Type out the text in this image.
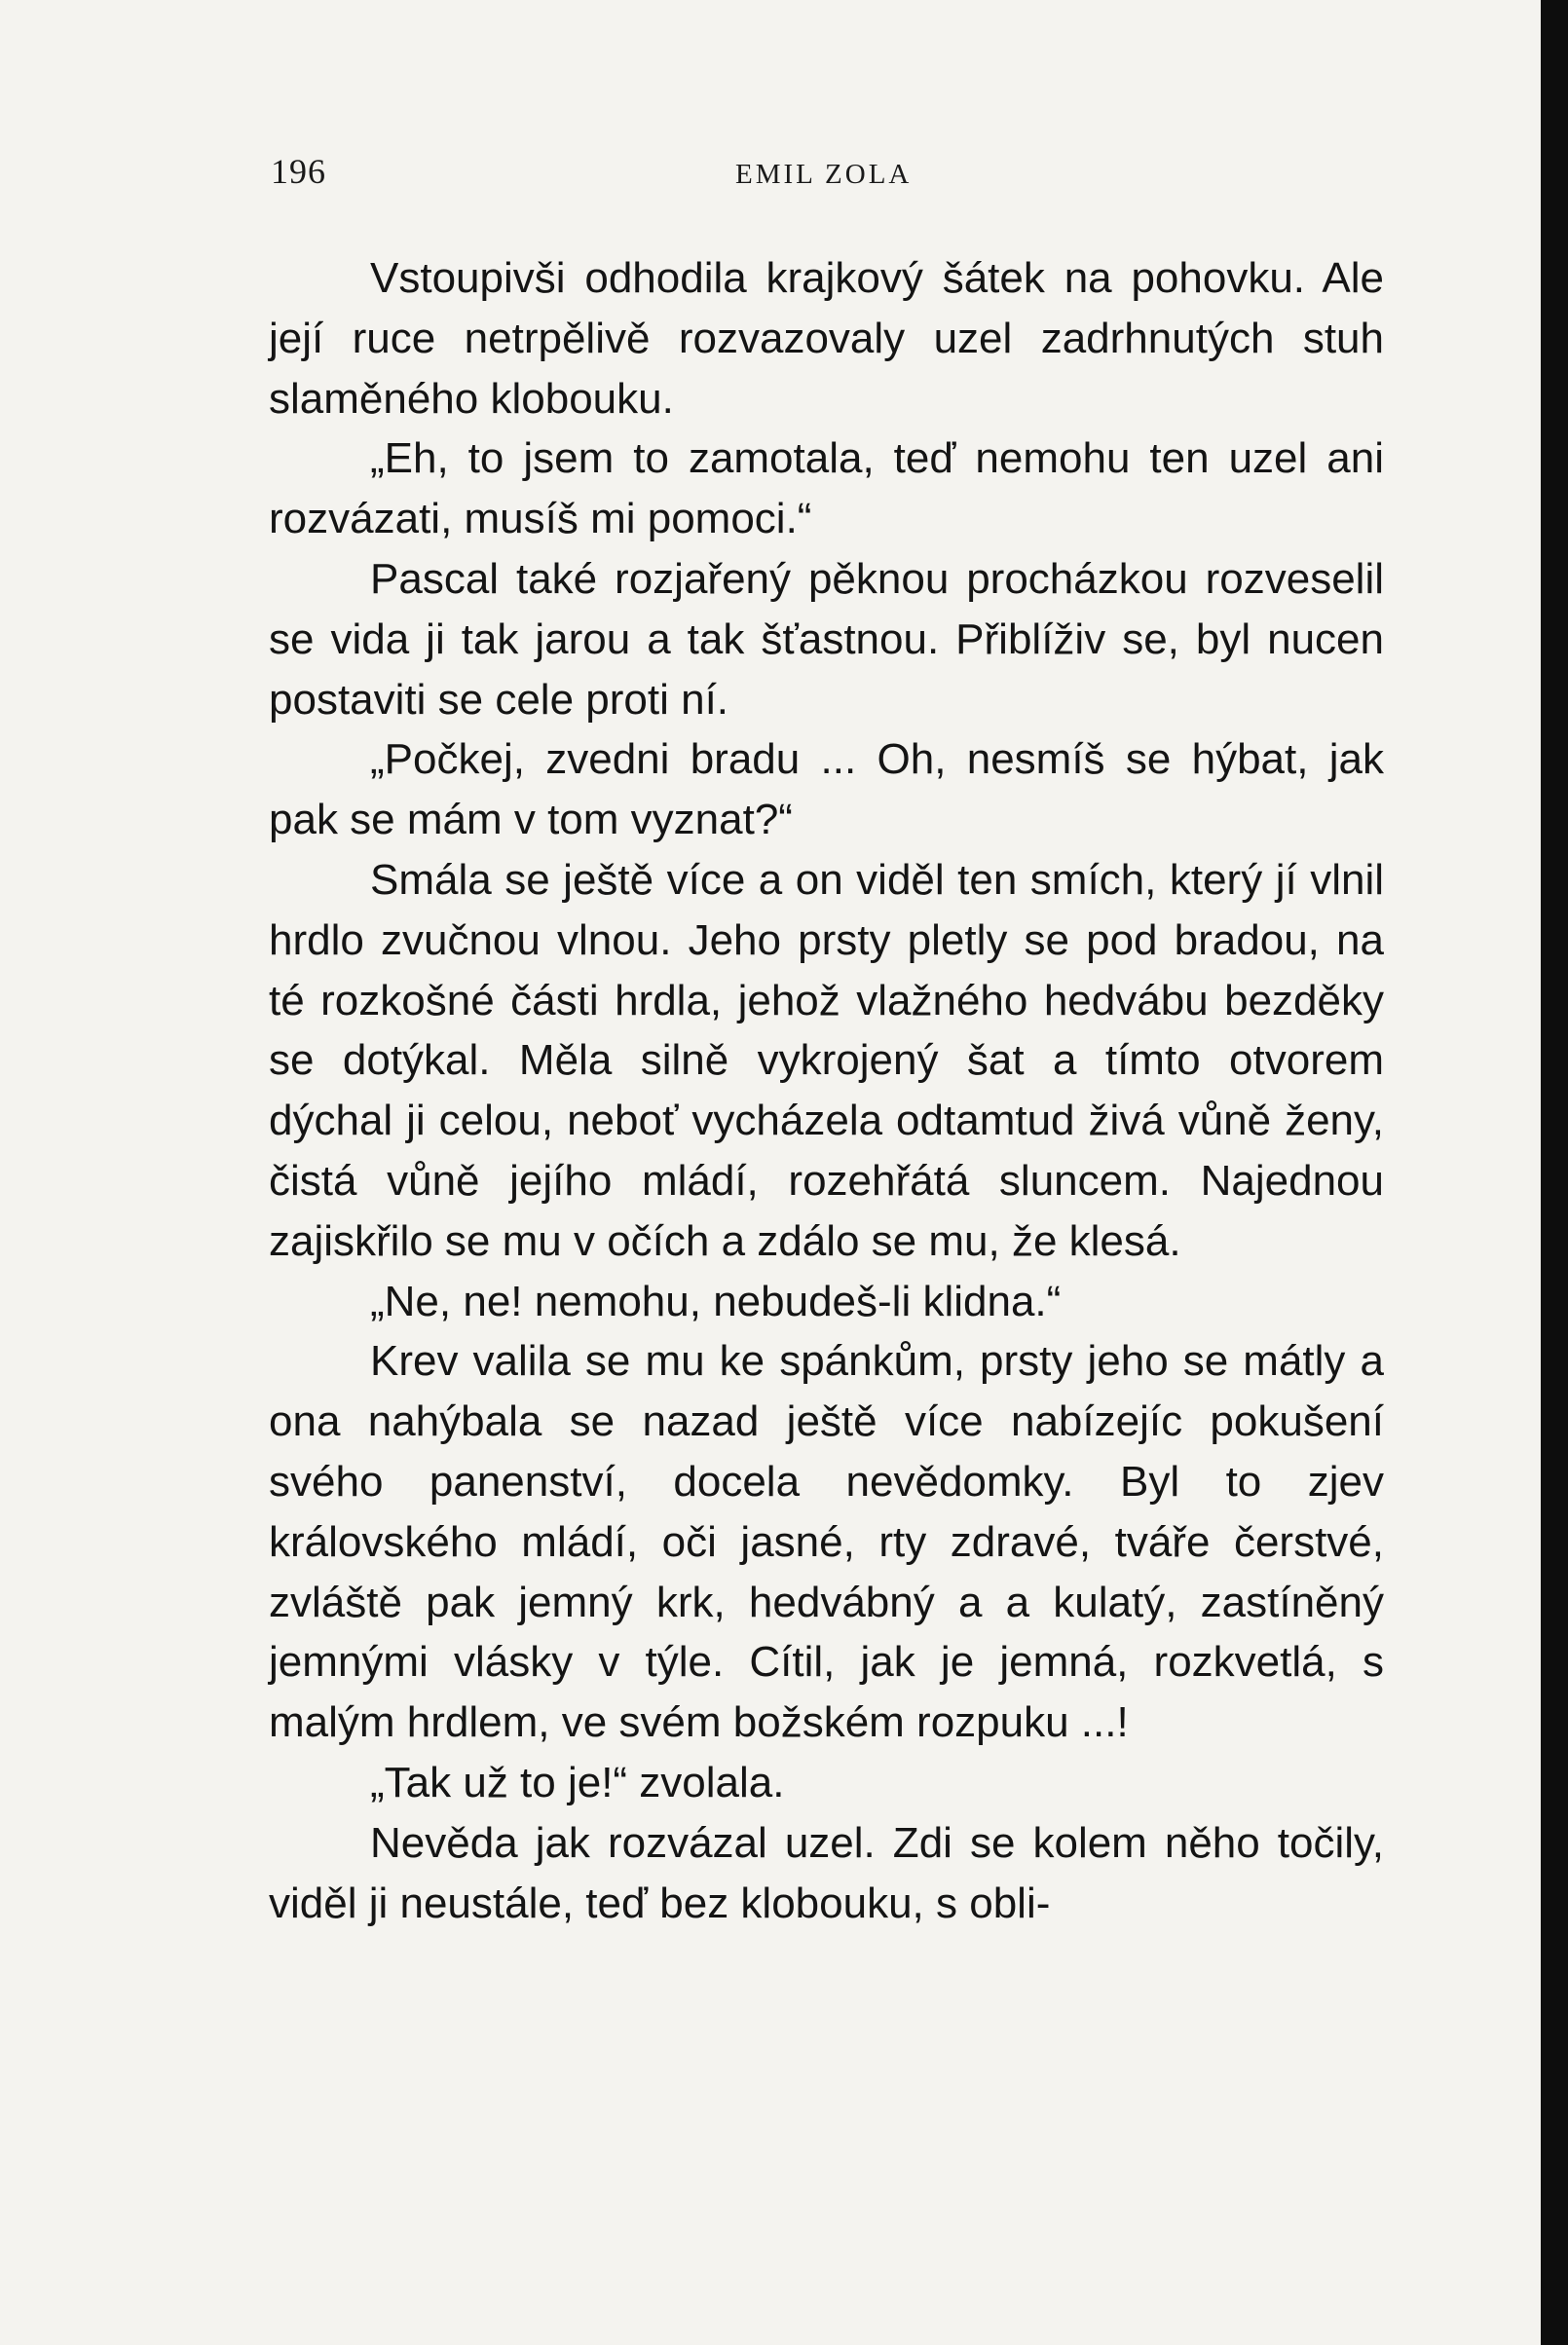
196	EMIL ZOLA

Vstoupivši odhodila krajkový šátek na pohovku. Ale její ruce netrpělivě rozvazovaly uzel zadrhnutých stuh slaměného klobouku.

„Eh, to jsem to zamotala, teď nemohu ten uzel ani rozvázati, musíš mi pomoci.“

Pascal také rozjařený pěknou procházkou rozveselil se vida ji tak jarou a tak šťastnou. Přiblíživ se, byl nucen postaviti se cele proti ní.

„Počkej, zvedni bradu ... Oh, nesmíš se hýbat, jak pak se mám v tom vyznat?“

Smála se ještě více a on viděl ten smích, který jí vlnil hrdlo zvučnou vlnou. Jeho prsty pletly se pod bradou, na té rozkošné části hrdla, jehož vlažného hedvábu bezděky se dotýkal. Měla silně vykrojený šat a tímto otvorem dýchal ji celou, neboť vycházela odtamtud živá vůně ženy, čistá vůně jejího mládí, rozehřátá sluncem. Najednou zajiskřilo se mu v očích a zdálo se mu, že klesá.

„Ne, ne! nemohu, nebudeš-li klidna.“

Krev valila se mu ke spánkům, prsty jeho se mátly a ona nahýbala se nazad ještě více nabízejíc pokušení svého panenství, docela nevědomky. Byl to zjev královského mládí, oči jasné, rty zdravé, tváře čerstvé, zvláště pak jemný krk, hedvábný a a kulatý, zastíněný jemnými vlásky v týle. Cítil, jak je jemná, rozkvetlá, s malým hrdlem, ve svém božském rozpuku ...!

„Tak už to je!“ zvolala.

Nevěda jak rozvázal uzel. Zdi se kolem něho točily, viděl ji neustále, teď bez klobouku, s obli-
